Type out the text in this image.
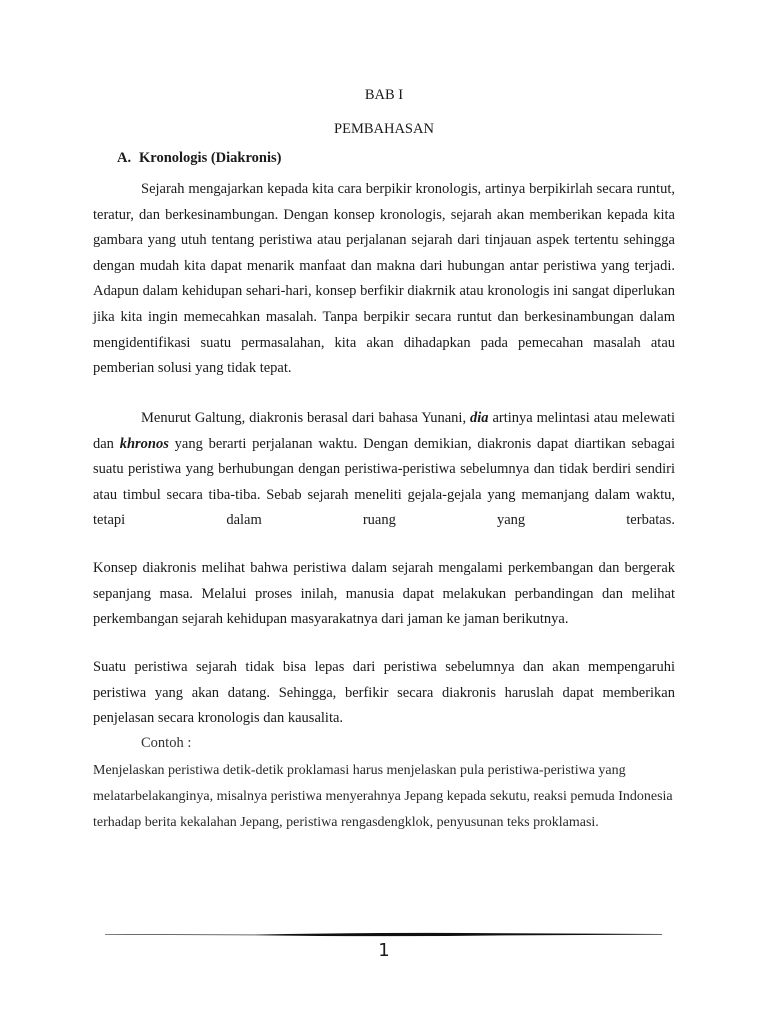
BAB I
PEMBAHASAN
A. Kronologis (Diakronis)

Sejarah mengajarkan kepada kita cara berpikir kronologis, artinya berpikirlah secara runtut, teratur, dan berkesinambungan. Dengan konsep kronologis, sejarah akan memberikan kepada kita gambara yang utuh tentang peristiwa atau perjalanan sejarah dari tinjauan aspek tertentu sehingga dengan mudah kita dapat menarik manfaat dan makna dari hubungan antar peristiwa yang terjadi. Adapun dalam kehidupan sehari-hari, konsep berfikir diakrnik atau kronologis ini sangat diperlukan jika kita ingin memecahkan masalah. Tanpa berpikir secara runtut dan berkesinambungan dalam mengidentifikasi suatu permasalahan, kita akan dihadapkan pada pemecahan masalah atau pemberian solusi yang tidak tepat.

Menurut Galtung, diakronis berasal dari bahasa Yunani, dia artinya melintasi atau melewati dan khronos yang berarti perjalanan waktu. Dengan demikian, diakronis dapat diartikan sebagai suatu peristiwa yang berhubungan dengan peristiwa-peristiwa sebelumnya dan tidak berdiri sendiri atau timbul secara tiba-tiba. Sebab sejarah meneliti gejala-gejala yang memanjang dalam waktu, tetapi dalam ruang yang terbatas.

Konsep diakronis melihat bahwa peristiwa dalam sejarah mengalami perkembangan dan bergerak sepanjang masa. Melalui proses inilah, manusia dapat melakukan perbandingan dan melihat perkembangan sejarah kehidupan masyarakatnya dari jaman ke jaman berikutnya.

Suatu peristiwa sejarah tidak bisa lepas dari peristiwa sebelumnya dan akan mempengaruhi peristiwa yang akan datang. Sehingga, berfikir secara diakronis haruslah dapat memberikan penjelasan secara kronologis dan kausalita.

Contoh :

Menjelaskan peristiwa detik-detik proklamasi harus menjelaskan pula peristiwa-peristiwa yang melatarbelakanginya, misalnya peristiwa menyerahnya Jepang kepada sekutu, reaksi pemuda Indonesia terhadap berita kekalahan Jepang, peristiwa rengasdengklok, penyusunan teks proklamasi.

1
